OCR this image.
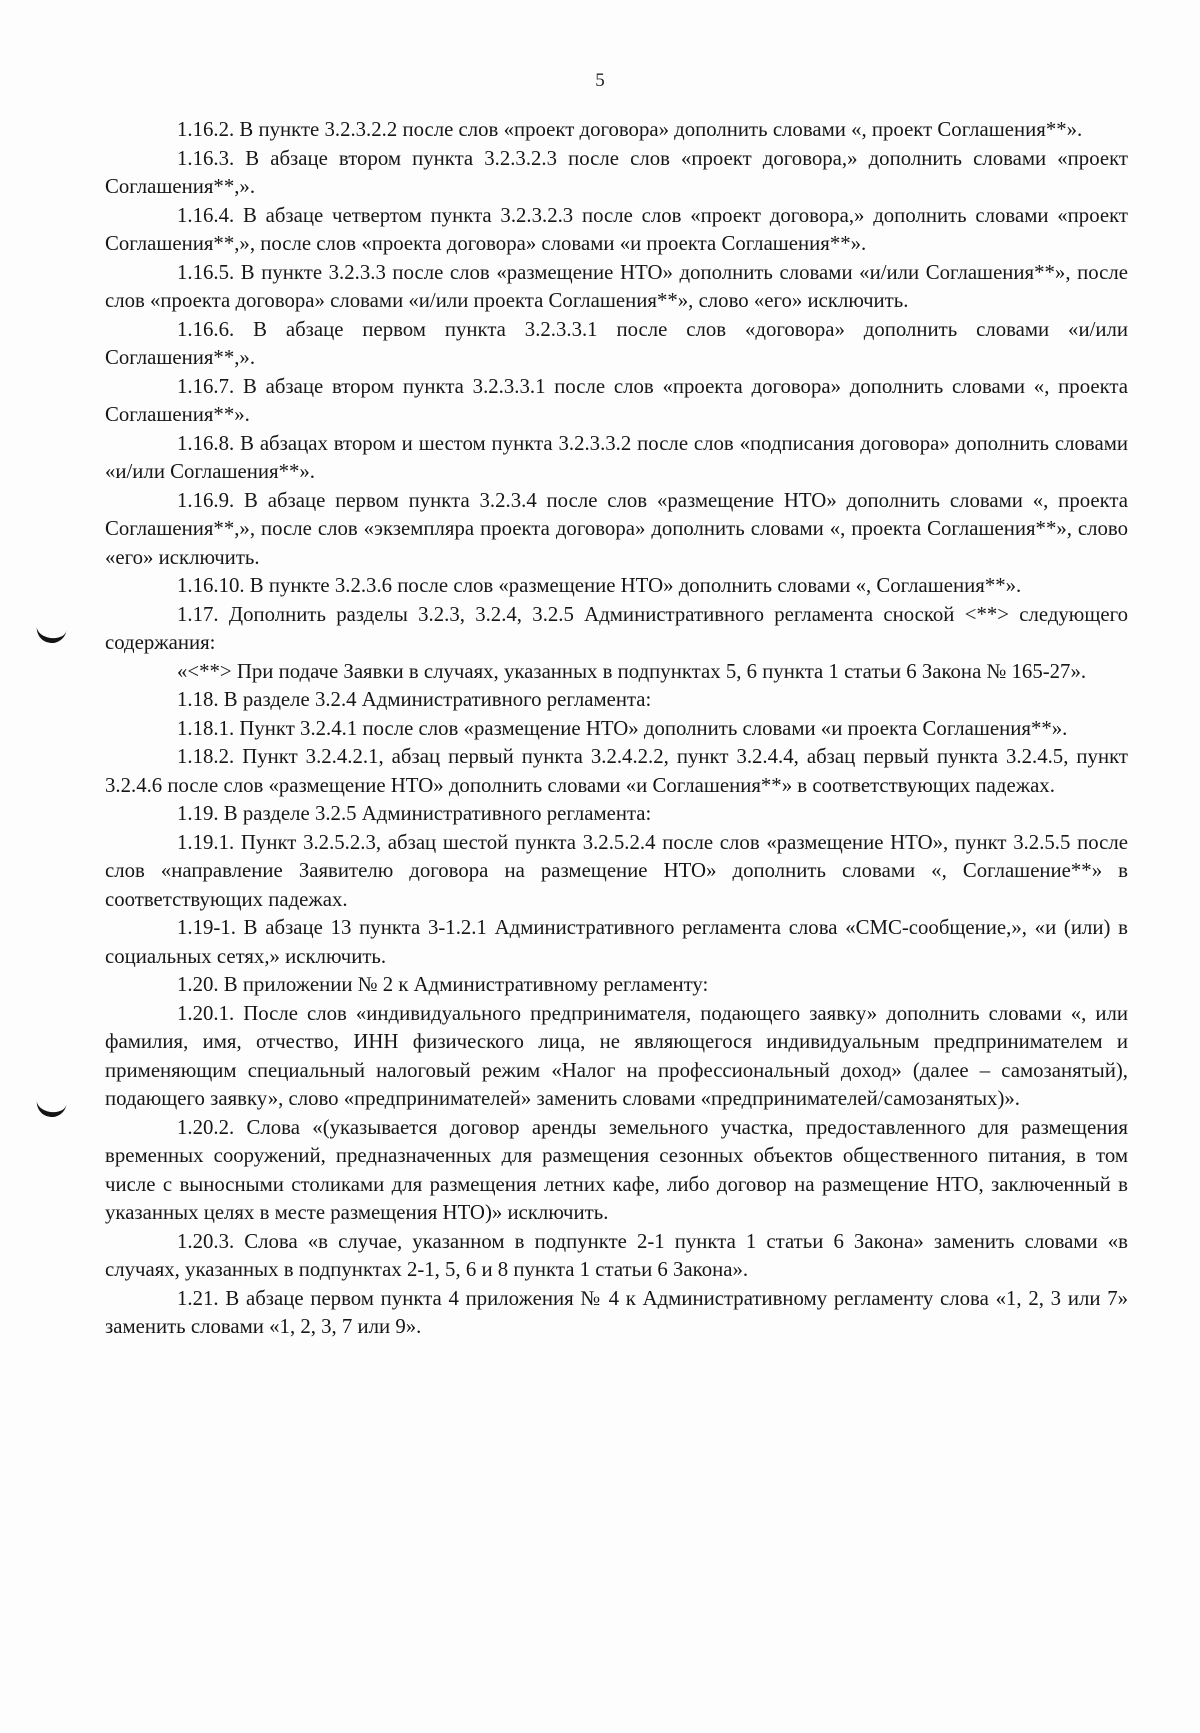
5

1.16.2. В пункте 3.2.3.2.2 после слов «проект договора» дополнить словами «, проект Соглашения**».

1.16.3. В абзаце втором пункта 3.2.3.2.3 после слов «проект договора,» дополнить словами «проект Соглашения**,».

1.16.4. В абзаце четвертом пункта 3.2.3.2.3 после слов «проект договора,» дополнить словами «проект Соглашения**,», после слов «проекта договора» словами «и проекта Соглашения**».

1.16.5. В пункте 3.2.3.3 после слов «размещение НТО» дополнить словами «и/или Соглашения**», после слов «проекта договора» словами «и/или проекта Соглашения**», слово «его» исключить.

1.16.6. В абзаце первом пункта 3.2.3.3.1 после слов «договора» дополнить словами «и/или Соглашения**,».

1.16.7. В абзаце втором пункта 3.2.3.3.1 после слов «проекта договора» дополнить словами «, проекта Соглашения**».

1.16.8. В абзацах втором и шестом пункта 3.2.3.3.2 после слов «подписания договора» дополнить словами «и/или Соглашения**».

1.16.9. В абзаце первом пункта 3.2.3.4 после слов «размещение НТО» дополнить словами «, проекта Соглашения**,», после слов «экземпляра проекта договора» дополнить словами «, проекта Соглашения**», слово «его» исключить.

1.16.10. В пункте 3.2.3.6 после слов «размещение НТО» дополнить словами «, Соглашения**».

1.17. Дополнить разделы 3.2.3, 3.2.4, 3.2.5 Административного регламента сноской <**> следующего содержания:

«<**> При подаче Заявки в случаях, указанных в подпунктах 5, 6 пункта 1 статьи 6 Закона № 165-27».

1.18. В разделе 3.2.4 Административного регламента:

1.18.1. Пункт 3.2.4.1 после слов «размещение НТО» дополнить словами «и проекта Соглашения**».

1.18.2. Пункт 3.2.4.2.1, абзац первый пункта 3.2.4.2.2, пункт 3.2.4.4, абзац первый пункта 3.2.4.5, пункт 3.2.4.6 после слов «размещение НТО» дополнить словами «и Соглашения**» в соответствующих падежах.

1.19. В разделе 3.2.5 Административного регламента:

1.19.1. Пункт 3.2.5.2.3, абзац шестой пункта 3.2.5.2.4 после слов «размещение НТО», пункт 3.2.5.5 после слов «направление Заявителю договора на размещение НТО» дополнить словами «, Соглашение**» в соответствующих падежах.

1.19-1. В абзаце 13 пункта 3-1.2.1 Административного регламента слова «СМС-сообщение,», «и (или) в социальных сетях,» исключить.

1.20. В приложении № 2 к Административному регламенту:

1.20.1. После слов «индивидуального предпринимателя, подающего заявку» дополнить словами «, или фамилия, имя, отчество, ИНН физического лица, не являющегося индивидуальным предпринимателем и применяющим специальный налоговый режим «Налог на профессиональный доход» (далее – самозанятый), подающего заявку», слово «предпринимателей» заменить словами «предпринимателей/самозанятых)».

1.20.2. Слова «(указывается договор аренды земельного участка, предоставленного для размещения временных сооружений, предназначенных для размещения сезонных объектов общественного питания, в том числе с выносными столиками для размещения летних кафе, либо договор на размещение НТО, заключенный в указанных целях в месте размещения НТО)» исключить.

1.20.3. Слова «в случае, указанном в подпункте 2-1 пункта 1 статьи 6 Закона» заменить словами «в случаях, указанных в подпунктах 2-1, 5, 6 и 8 пункта 1 статьи 6 Закона».

1.21. В абзаце первом пункта 4 приложения № 4 к Административному регламенту слова «1, 2, 3 или 7» заменить словами «1, 2, 3, 7 или 9».
